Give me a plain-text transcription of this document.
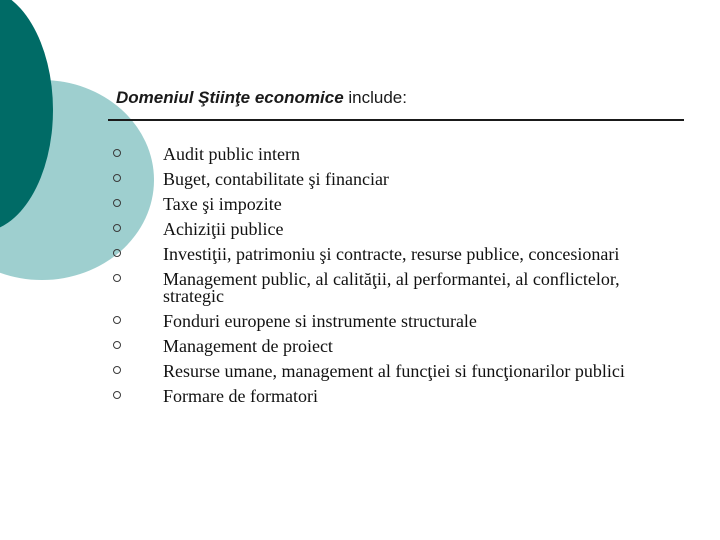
Domeniul Ştiinţe economice include:
Audit public intern
Buget, contabilitate şi financiar
Taxe şi impozite
Achiziţii publice
Investiţii, patrimoniu şi contracte, resurse publice, concesionari
Management public, al calităţii, al performantei, al conflictelor, strategic
Fonduri europene si instrumente structurale
Management de proiect
Resurse umane, management al funcţiei si funcţionarilor publici
Formare de formatori
